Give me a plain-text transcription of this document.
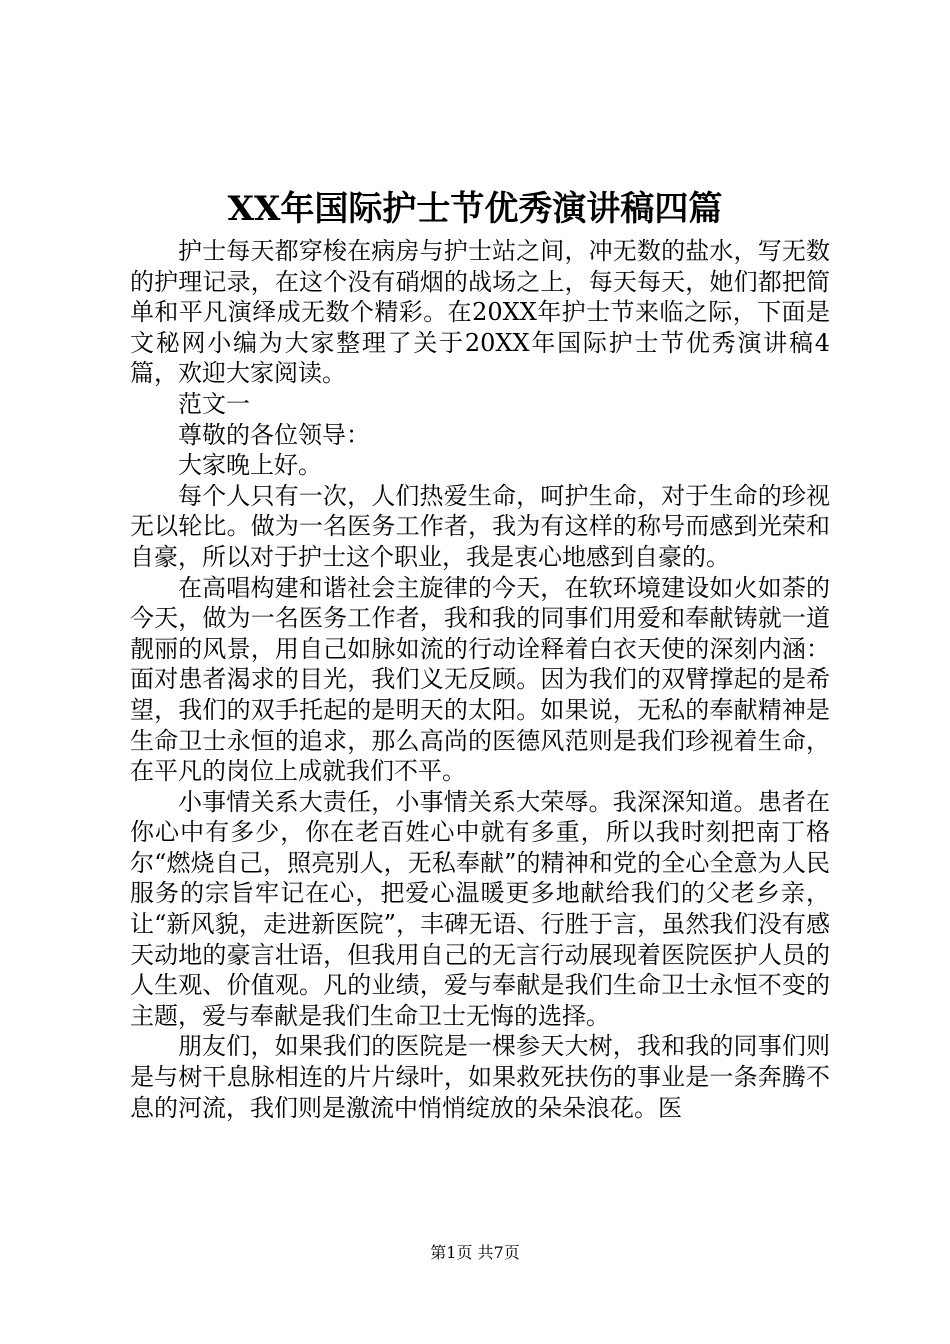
XX年国际护士节优秀演讲稿四篇

护士每天都穿梭在病房与护士站之间，冲无数的盐水，写无数的护理记录，在这个没有硝烟的战场之上，每天每天，她们都把简单和平凡演绎成无数个精彩。在20XX年护士节来临之际，下面是文秘网小编为大家整理了关于20XX年国际护士节优秀演讲稿4篇，欢迎大家阅读。

范文一

尊敬的各位领导：

大家晚上好。

每个人只有一次，人们热爱生命，呵护生命，对于生命的珍视无以轮比。做为一名医务工作者，我为有这样的称号而感到光荣和自豪，所以对于护士这个职业，我是衷心地感到自豪的。

在高唱构建和谐社会主旋律的今天，在软环境建设如火如荼的今天，做为一名医务工作者，我和我的同事们用爱和奉献铸就一道靓丽的风景，用自己如脉如流的行动诠释着白衣天使的深刻内涵：面对患者渴求的目光，我们义无反顾。因为我们的双臂撑起的是希望，我们的双手托起的是明天的太阳。如果说，无私的奉献精神是生命卫士永恒的追求，那么高尚的医德风范则是我们珍视着生命，在平凡的岗位上成就我们不平。

小事情关系大责任，小事情关系大荣辱。我深深知道。患者在你心中有多少，你在老百姓心中就有多重，所以我时刻把南丁格尔“燃烧自己，照亮别人，无私奉献”的精神和党的全心全意为人民服务的宗旨牢记在心，把爱心温暖更多地献给我们的父老乡亲，让“新风貌，走进新医院”，丰碑无语、行胜于言，虽然我们没有感天动地的豪言壮语，但我用自己的无言行动展现着医院医护人员的人生观、价值观。凡的业绩，爱与奉献是我们生命卫士永恒不变的主题，爱与奉献是我们生命卫士无悔的选择。

朋友们，如果我们的医院是一棵参天大树，我和我的同事们则是与树干息脉相连的片片绿叶，如果救死扶伤的事业是一条奔腾不息的河流，我们则是激流中悄悄绽放的朵朵浪花。医

第1页 共7页
